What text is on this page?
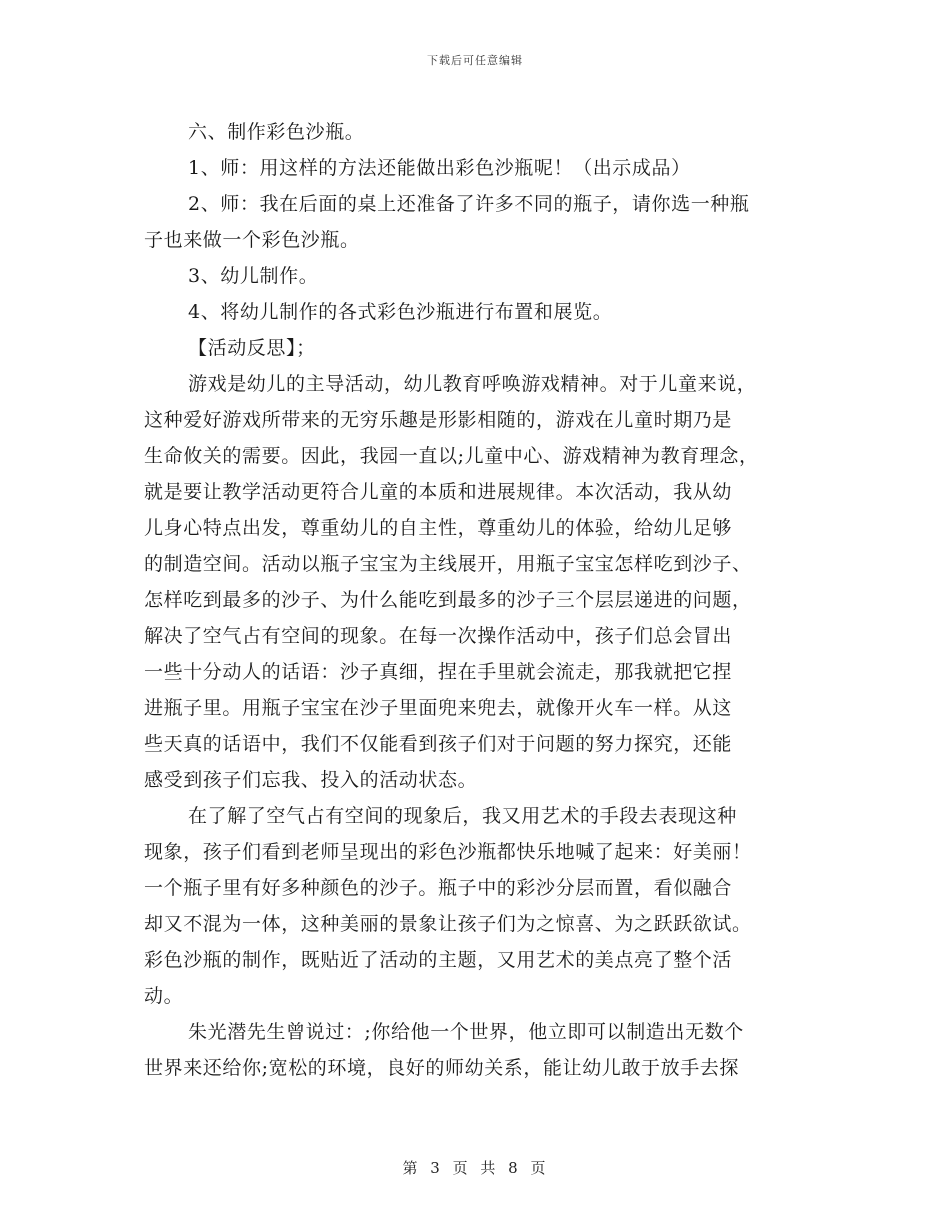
下载后可任意编辑
六、制作彩色沙瓶。
1、师：用这样的方法还能做出彩色沙瓶呢！（出示成品）
2、师：我在后面的桌上还准备了许多不同的瓶子，请你选一种瓶
子也来做一个彩色沙瓶。
3、幼儿制作。
4、将幼儿制作的各式彩色沙瓶进行布置和展览。
【活动反思】；
游戏是幼儿的主导活动，幼儿教育呼唤游戏精神。对于儿童来说，
这种爱好游戏所带来的无穷乐趣是形影相随的，游戏在儿童时期乃是
生命攸关的需要。因此，我园一直以;儿童中心、游戏精神为教育理念，
就是要让教学活动更符合儿童的本质和进展规律。本次活动，我从幼
儿身心特点出发，尊重幼儿的自主性，尊重幼儿的体验，给幼儿足够
的制造空间。活动以瓶子宝宝为主线展开，用瓶子宝宝怎样吃到沙子、
怎样吃到最多的沙子、为什么能吃到最多的沙子三个层层递进的问题，
解决了空气占有空间的现象。在每一次操作活动中，孩子们总会冒出
一些十分动人的话语：沙子真细，捏在手里就会流走，那我就把它捏
进瓶子里。用瓶子宝宝在沙子里面兜来兜去，就像开火车一样。从这
些天真的话语中，我们不仅能看到孩子们对于问题的努力探究，还能
感受到孩子们忘我、投入的活动状态。
在了解了空气占有空间的现象后，我又用艺术的手段去表现这种
现象，孩子们看到老师呈现出的彩色沙瓶都快乐地喊了起来：好美丽！
一个瓶子里有好多种颜色的沙子。瓶子中的彩沙分层而置，看似融合
却又不混为一体，这种美丽的景象让孩子们为之惊喜、为之跃跃欲试。
彩色沙瓶的制作，既贴近了活动的主题，又用艺术的美点亮了整个活
动。
朱光潜先生曾说过：;你给他一个世界，他立即可以制造出无数个
世界来还给你;宽松的环境，良好的师幼关系，能让幼儿敢于放手去探
第 3 页 共 8 页
